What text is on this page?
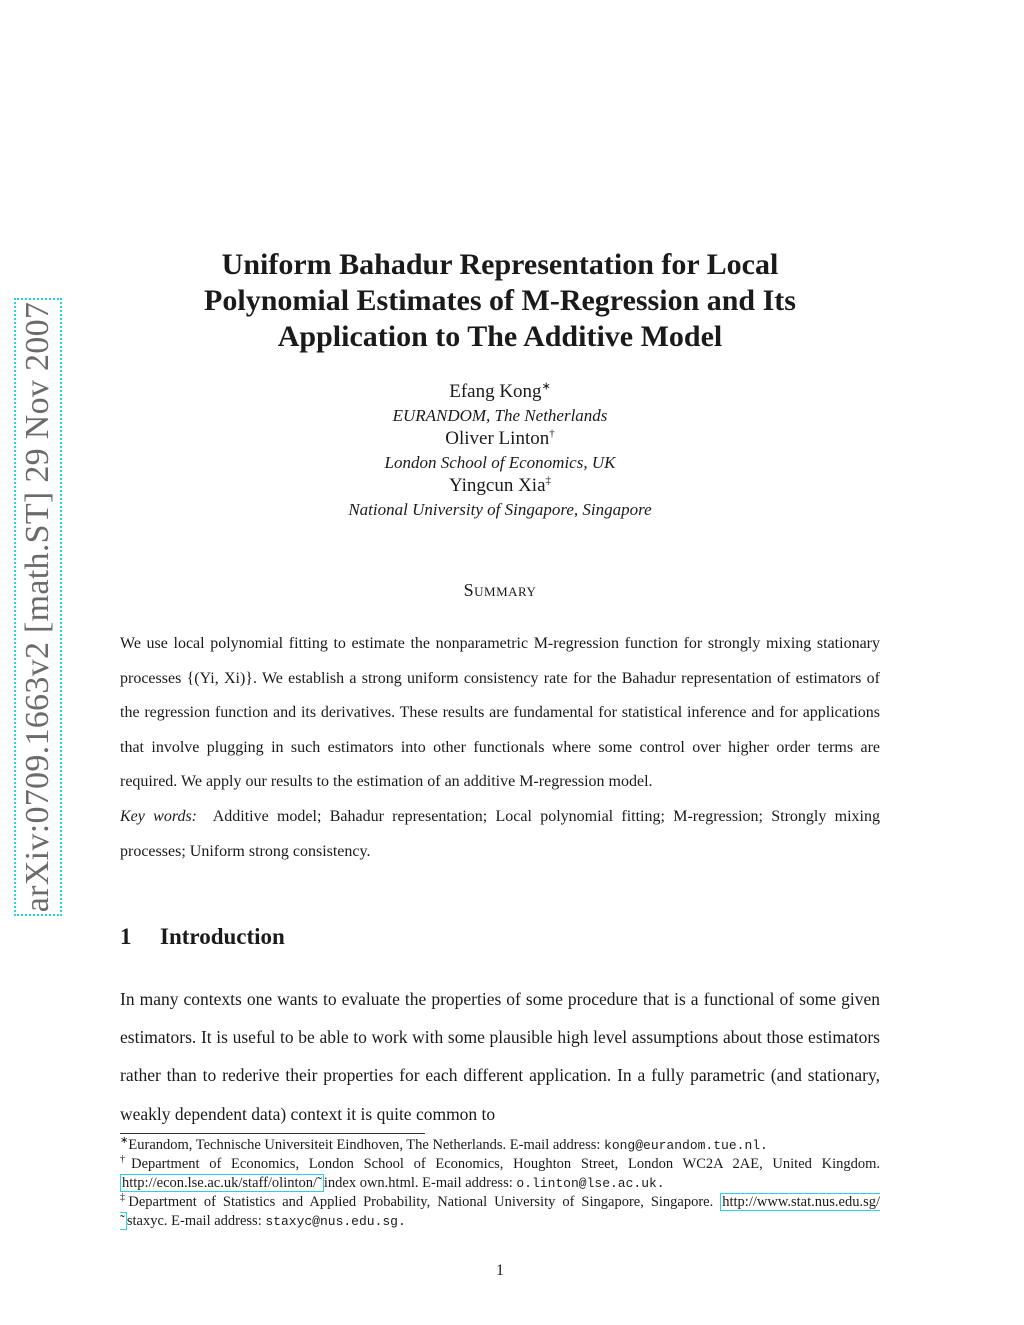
arXiv:0709.1663v2 [math.ST] 29 Nov 2007
Uniform Bahadur Representation for Local
Polynomial Estimates of M-Regression and Its
Application to The Additive Model
Efang Kong∗
EURANDOM, The Netherlands
Oliver Linton†
London School of Economics, UK
Yingcun Xia‡
National University of Singapore, Singapore
Summary

We use local polynomial fitting to estimate the nonparametric M-regression function for strongly mixing stationary processes {(Yi, Xi)}. We establish a strong uniform consistency rate for the Bahadur representation of estimators of the regression function and its derivatives. These results are fundamental for statistical inference and for applications that involve plugging in such estimators into other functionals where some control over higher order terms are required. We apply our results to the estimation of an additive M-regression model.

Key words: Additive model; Bahadur representation; Local polynomial fitting; M-regression; Strongly mixing processes; Uniform strong consistency.

1 Introduction

In many contexts one wants to evaluate the properties of some procedure that is a functional of some given estimators. It is useful to be able to work with some plausible high level assumptions about those estimators rather than to rederive their properties for each different application. In a fully parametric (and stationary, weakly dependent data) context it is quite common to

∗Eurandom, Technische Universiteit Eindhoven, The Netherlands. E-mail address: kong@eurandom.tue.nl.

†Department of Economics, London School of Economics, Houghton Street, London WC2A 2AE, United Kingdom. http://econ.lse.ac.uk/staff/olinton/˜ index own.html. E-mail address: o.linton@lse.ac.uk.

‡Department of Statistics and Applied Probability, National University of Singapore, Singapore. http://www.stat.nus.edu.sg/˜ staxyc. E-mail address: staxyc@nus.edu.sg.

1
